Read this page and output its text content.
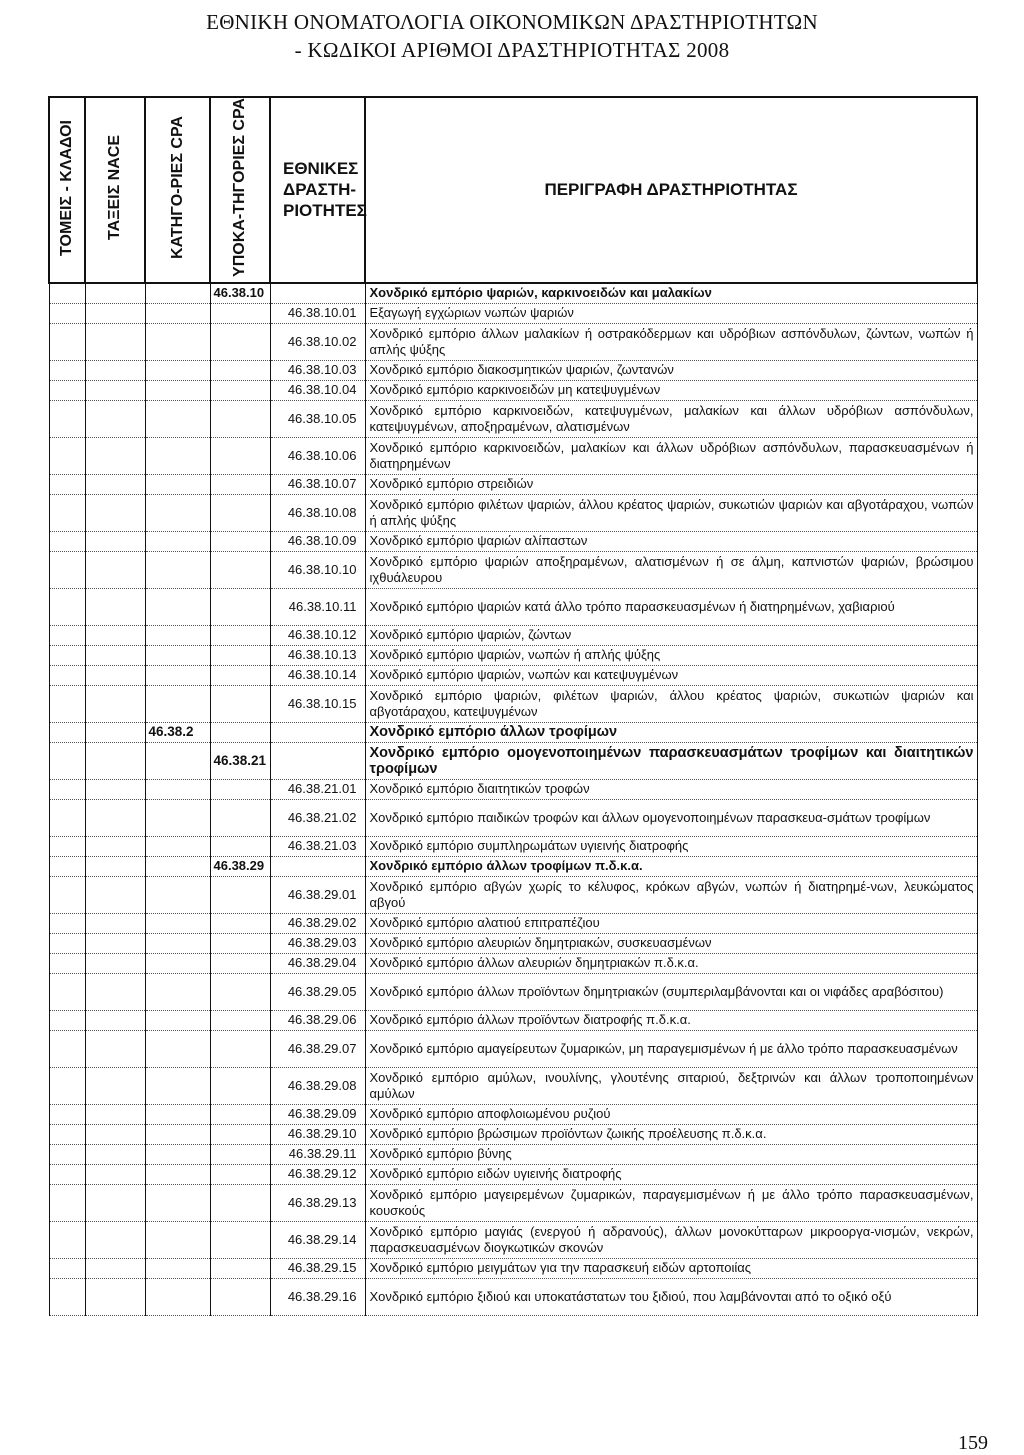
ΕΘΝΙΚΗ ΟΝΟΜΑΤΟΛΟΓΙΑ ΟΙΚΟΝΟΜΙΚΩΝ ΔΡΑΣΤΗΡΙΟΤΗΤΩΝ
- ΚΩΔΙΚΟΙ ΑΡΙΘΜΟΙ ΔΡΑΣΤΗΡΙΟΤΗΤΑΣ 2008
ΤΟΜΕΙΣ - ΚΛΑΔΟΙ	ΤΑΞΕΙΣ NACE	ΚΑΤΗΓΟ-ΡΙΕΣ CPA	ΥΠΟΚΑ-ΤΗΓΟΡΙΕΣ CPA	ΕΘΝΙΚΕΣ ΔΡΑΣΤΗ-ΡΙΟΤΗΤΕΣ	ΠΕΡΙΓΡΑΦΗ ΔΡΑΣΤΗΡΙΟΤΗΤΑΣ
			46.38.10		Χονδρικό εμπόριο ψαριών, καρκινοειδών και μαλακίων
				46.38.10.01	Εξαγωγή εγχώριων νωπών ψαριών
				46.38.10.02	Χονδρικό εμπόριο άλλων μαλακίων ή οστρακόδερμων και υδρόβιων ασπόνδυλων, ζώντων, νωπών ή απλής ψύξης
				46.38.10.03	Χονδρικό εμπόριο διακοσμητικών ψαριών, ζωντανών
				46.38.10.04	Χονδρικό εμπόριο καρκινοειδών μη κατεψυγμένων
				46.38.10.05	Χονδρικό εμπόριο καρκινοειδών, κατεψυγμένων, μαλακίων και άλλων υδρόβιων ασπόνδυλων, κατεψυγμένων, αποξηραμένων, αλατισμένων
				46.38.10.06	Χονδρικό εμπόριο καρκινοειδών, μαλακίων και άλλων υδρόβιων ασπόνδυλων, παρασκευασμένων ή διατηρημένων
				46.38.10.07	Χονδρικό εμπόριο στρειδιών
				46.38.10.08	Χονδρικό εμπόριο φιλέτων ψαριών, άλλου κρέατος ψαριών, συκωτιών ψαριών και αβγοτάραχου, νωπών ή απλής ψύξης
				46.38.10.09	Χονδρικό εμπόριο ψαριών αλίπαστων
				46.38.10.10	Χονδρικό εμπόριο ψαριών αποξηραμένων, αλατισμένων ή σε άλμη, καπνιστών ψαριών, βρώσιμου ιχθυάλευρου
				46.38.10.11	Χονδρικό εμπόριο ψαριών κατά άλλο τρόπο παρασκευασμένων ή διατηρημένων, χαβιαριού
				46.38.10.12	Χονδρικό εμπόριο ψαριών, ζώντων
				46.38.10.13	Χονδρικό εμπόριο ψαριών, νωπών ή απλής ψύξης
				46.38.10.14	Χονδρικό εμπόριο ψαριών, νωπών και κατεψυγμένων
				46.38.10.15	Χονδρικό εμπόριο ψαριών, φιλέτων ψαριών, άλλου κρέατος ψαριών, συκωτιών ψαριών και αβγοτάραχου, κατεψυγμένων
		46.38.2			Χονδρικό εμπόριο άλλων τροφίμων
			46.38.21		Χονδρικό εμπόριο ομογενοποιημένων παρασκευασμάτων τροφίμων και διαιτητικών τροφίμων
				46.38.21.01	Χονδρικό εμπόριο διαιτητικών τροφών
				46.38.21.02	Χονδρικό εμπόριο παιδικών τροφών και άλλων ομογενοποιημένων παρασκευα-σμάτων τροφίμων
				46.38.21.03	Χονδρικό εμπόριο συμπληρωμάτων υγιεινής διατροφής
			46.38.29		Χονδρικό εμπόριο άλλων τροφίμων π.δ.κ.α.
				46.38.29.01	Χονδρικό εμπόριο αβγών χωρίς το κέλυφος, κρόκων αβγών, νωπών ή διατηρημέ-νων, λευκώματος αβγού
				46.38.29.02	Χονδρικό εμπόριο αλατιού επιτραπέζιου
				46.38.29.03	Χονδρικό εμπόριο αλευριών δημητριακών, συσκευασμένων
				46.38.29.04	Χονδρικό εμπόριο άλλων αλευριών δημητριακών π.δ.κ.α.
				46.38.29.05	Χονδρικό εμπόριο άλλων προϊόντων δημητριακών (συμπεριλαμβάνονται και οι νιφάδες αραβόσιτου)
				46.38.29.06	Χονδρικό εμπόριο άλλων προϊόντων διατροφής π.δ.κ.α.
				46.38.29.07	Χονδρικό εμπόριο αμαγείρευτων ζυμαρικών, μη παραγεμισμένων ή με άλλο τρόπο παρασκευασμένων
				46.38.29.08	Χονδρικό εμπόριο αμύλων, ινουλίνης, γλουτένης σιταριού, δεξτρινών και άλλων τροποποιημένων αμύλων
				46.38.29.09	Χονδρικό εμπόριο αποφλοιωμένου ρυζιού
				46.38.29.10	Χονδρικό εμπόριο βρώσιμων προϊόντων ζωικής προέλευσης π.δ.κ.α.
				46.38.29.11	Χονδρικό εμπόριο βύνης
				46.38.29.12	Χονδρικό εμπόριο ειδών υγιεινής διατροφής
				46.38.29.13	Χονδρικό εμπόριο μαγειρεμένων ζυμαρικών, παραγεμισμένων ή με άλλο τρόπο παρασκευασμένων, κουσκούς
				46.38.29.14	Χονδρικό εμπόριο μαγιάς (ενεργού ή αδρανούς), άλλων μονοκύτταρων μικροοργα-νισμών, νεκρών, παρασκευασμένων διογκωτικών σκονών
				46.38.29.15	Χονδρικό εμπόριο μειγμάτων για την παρασκευή ειδών αρτοποιίας
				46.38.29.16	Χονδρικό εμπόριο ξιδιού και υποκατάστατων του ξιδιού, που λαμβάνονται από το οξικό οξύ
159
